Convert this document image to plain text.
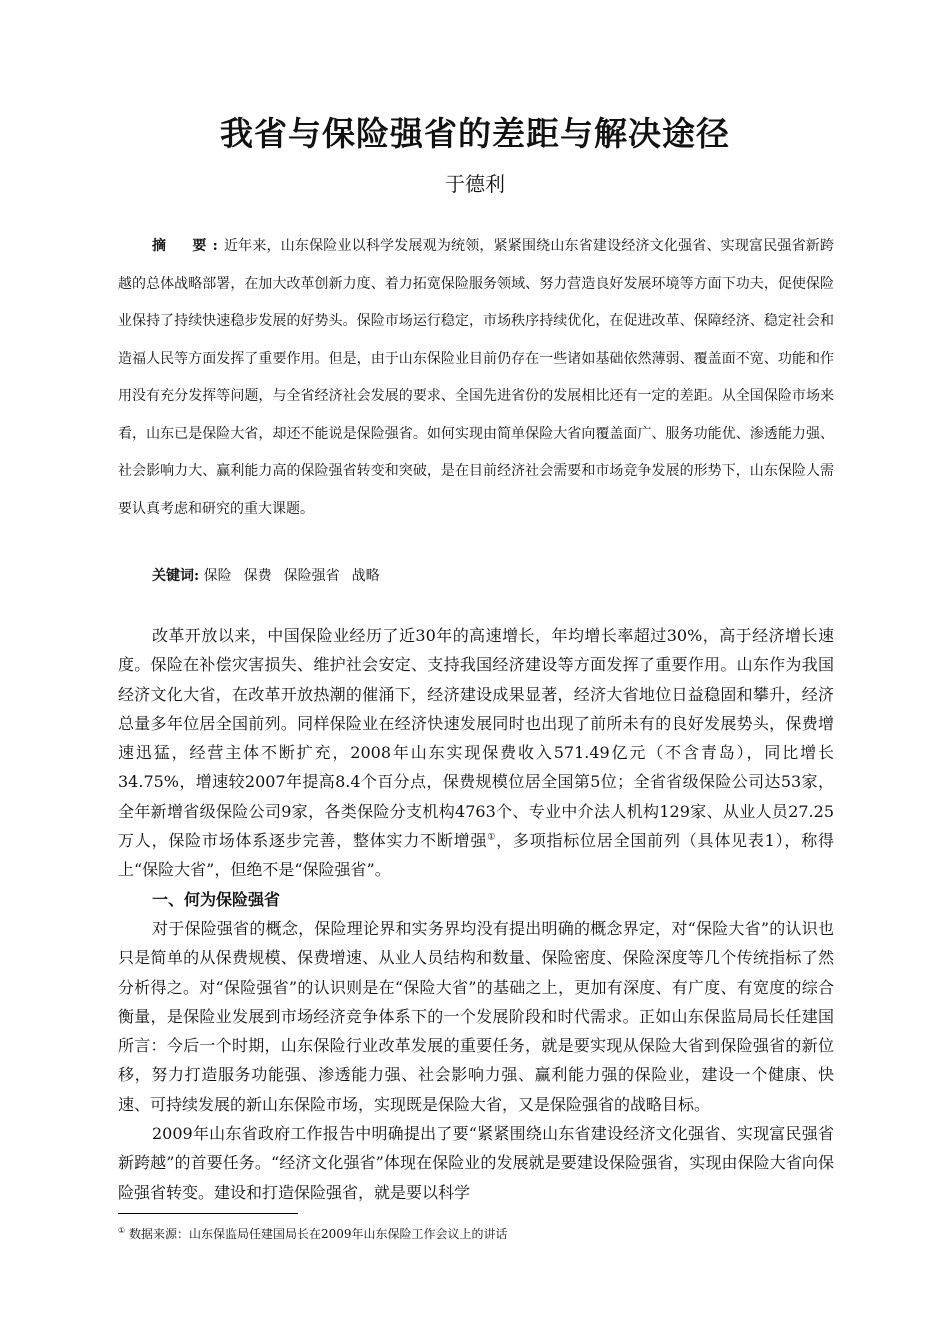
我省与保险强省的差距与解决途径
于德利

摘　要:近年来，山东保险业以科学发展观为统领，紧紧围绕山东省建设经济文化强省、实现富民强省新跨越的总体战略部署，在加大改革创新力度、着力拓宽保险服务领域、努力营造良好发展环境等方面下功夫，促使保险业保持了持续快速稳步发展的好势头。保险市场运行稳定，市场秩序持续优化，在促进改革、保障经济、稳定社会和造福人民等方面发挥了重要作用。但是，由于山东保险业目前仍存在一些诸如基础依然薄弱、覆盖面不宽、功能和作用没有充分发挥等问题，与全省经济社会发展的要求、全国先进省份的发展相比还有一定的差距。从全国保险市场来看，山东已是保险大省，却还不能说是保险强省。如何实现由简单保险大省向覆盖面广、服务功能优、渗透能力强、社会影响力大、赢利能力高的保险强省转变和突破，是在目前经济社会需要和市场竞争发展的形势下，山东保险人需要认真考虑和研究的重大课题。

关键词: 保险 保费 保险强省 战略

改革开放以来，中国保险业经历了近30年的高速增长，年均增长率超过30%，高于经济增长速度。保险在补偿灾害损失、维护社会安定、支持我国经济建设等方面发挥了重要作用。山东作为我国经济文化大省，在改革开放热潮的催涌下，经济建设成果显著，经济大省地位日益稳固和攀升，经济总量多年位居全国前列。同样保险业在经济快速发展同时也出现了前所未有的良好发展势头，保费增速迅猛，经营主体不断扩充，2008年山东实现保费收入571.49亿元（不含青岛），同比增长34.75%，增速较2007年提高8.4个百分点，保费规模位居全国第5位；全省省级保险公司达53家，全年新增省级保险公司9家，各类保险分支机构4763个、专业中介法人机构129家、从业人员27.25万人，保险市场体系逐步完善，整体实力不断增强①，多项指标位居全国前列（具体见表1），称得上“保险大省”，但绝不是“保险强省”。

一、何为保险强省

对于保险强省的概念，保险理论界和实务界均没有提出明确的概念界定，对“保险大省”的认识也只是简单的从保费规模、保费增速、从业人员结构和数量、保险密度、保险深度等几个传统指标了然分析得之。对“保险强省”的认识则是在“保险大省”的基础之上，更加有深度、有广度、有宽度的综合衡量，是保险业发展到市场经济竞争体系下的一个发展阶段和时代需求。正如山东保监局局长任建国所言：今后一个时期，山东保险行业改革发展的重要任务，就是要实现从保险大省到保险强省的新位移，努力打造服务功能强、渗透能力强、社会影响力强、赢利能力强的保险业，建设一个健康、快速、可持续发展的新山东保险市场，实现既是保险大省，又是保险强省的战略目标。

2009年山东省政府工作报告中明确提出了要“紧紧围绕山东省建设经济文化强省、实现富民强省新跨越”的首要任务。“经济文化强省”体现在保险业的发展就是要建设保险强省，实现由保险大省向保险强省转变。建设和打造保险强省，就是要以科学

① 数据来源：山东保监局任建国局长在2009年山东保险工作会议上的讲话
